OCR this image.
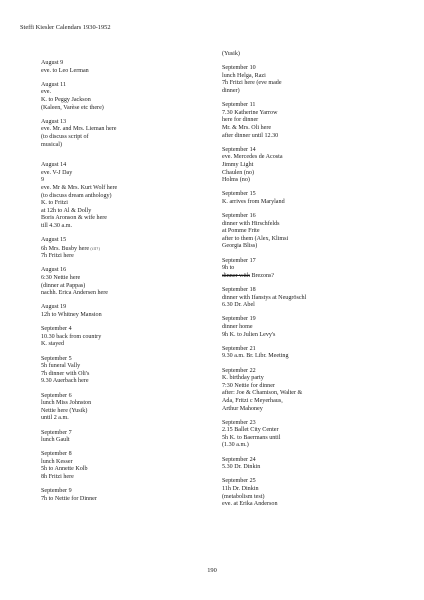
Steffi Kiesler Calendars 1930-1952
August 9
eve. to Leo Lerman
August 11
eve.
K. to Peggy Jackson
(Kaleen, Varèse etc there)
August 13
eve. Mr. and Mrs. Lieman here
(to discuss script of
musical)
August 14
eve. V-J Day
9
eve. Mr & Mrs. Kurt Wolf here
(to discuss dream anthology)
K. to Fritzi
at 12h to Al & Dolly
Boris Aronson & wife here
till 4.30 a.m.
August 15
6h Mrs. Busby here (ill?)
7h Fritzi here
August 16
6:30 Nettie here
(dinner at Pappas)
nachh. Erica Andersen here
August 19
12h to Whitney Mansion
September 4
10.30 back from country
K. stayed
September 5
5h funeral Vally
7h dinner with Oli's
9.30 Auerbach here
September 6
lunch Miss Johnston
Nettie here (Yusik)
until 2 a.m.
September 7
lunch Gault
September 8
lunch Kesser
5h to Annette Kolb
8h Fritzi here
September 9
7h to Nettie for Dinner
(Yusik)
September 10
lunch Helga, Razi
7h Fritzi here (eve made
dinner)
September 11
7.30 Katherine Yarrow
here for dinner
Mr. & Mrs. Oli here
after dinner until 12.30
September 14
eve. Mercedes de Acosta
Jimmy Light
Chaulen (no)
Holms (no)
September 15
K. arrives from Maryland
September 16
dinner with Hirschfelds
at Pomme Frite
after to them (Alex, Klimsi
Georgia Bliss)
September 17
9h to
dinner with Brezons?
September 18
dinner with Ifanstys at Neugröschl
6.30 Dr. Abel
September 19
dinner home
9h K. to Julien Levy's
September 21
9.30 a.m. Br. Libr. Meeting
September 22
K. birthday party
7:30 Nettie for dinner
after: Joe & Chamison, Walter &
Ada, Fritzi c Meyerhaus,
Arthur Mahoney
September 23
2.15 Ballet City Center
5h K. to Baermans until
(1.30 a.m.)
September 24
5.30 Dr. Dinkin
September 25
11h Dr. Dinkin
(metabolism test)
eve. at Erika Anderson
190
